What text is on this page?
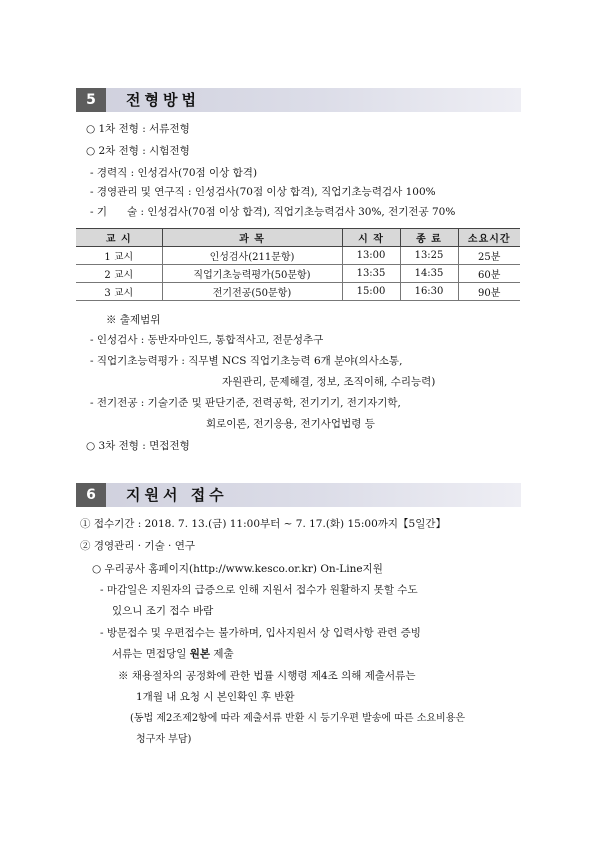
5	전형방법
○ 1차 전형 : 서류전형
○ 2차 전형 : 시험전형
- 경력직 : 인성검사(70점 이상 합격)
- 경영관리 및 연구직 : 인성검사(70점 이상 합격), 직업기초능력검사 100%
- 기      술 : 인성검사(70점 이상 합격), 직업기초능력검사 30%, 전기전공 70%
교 시	과 목	시 작	종 료	소요시간
1 교시	인성검사(211문항)	13:00	13:25	25분
2 교시	직업기초능력평가(50문항)	13:35	14:35	60분
3 교시	전기전공(50문항)	15:00	16:30	90분
※ 출제범위
- 인성검사 : 동반자마인드, 통합적사고, 전문성추구
- 직업기초능력평가 : 직무별 NCS 직업기초능력 6개 분야(의사소통,
자원관리, 문제해결, 정보, 조직이해, 수리능력)
- 전기전공 : 기술기준 및 판단기준, 전력공학, 전기기기, 전기자기학,
회로이론, 전기응용, 전기사업법령 등
○ 3차 전형 : 면접전형
6	지원서 접수
① 접수기간 : 2018. 7. 13.(금) 11:00부터 ~ 7. 17.(화) 15:00까지【5일간】
② 경영관리 · 기술 · 연구
○ 우리공사 홈페이지(http://www.kesco.or.kr) On-Line지원
- 마감일은 지원자의 급증으로 인해 지원서 접수가 원활하지 못할 수도
있으니 조기 접수 바람
- 방문접수 및 우편접수는 불가하며, 입사지원서 상 입력사항 관련 증빙
서류는 면접당일 원본 제출
※ 채용절차의 공정화에 관한 법률 시행령 제4조 의해 제출서류는
1개월 내 요청 시 본인확인 후 반환
(동법 제2조제2항에 따라 제출서류 반환 시 등기우편 발송에 따른 소요비용은
청구자 부담)
